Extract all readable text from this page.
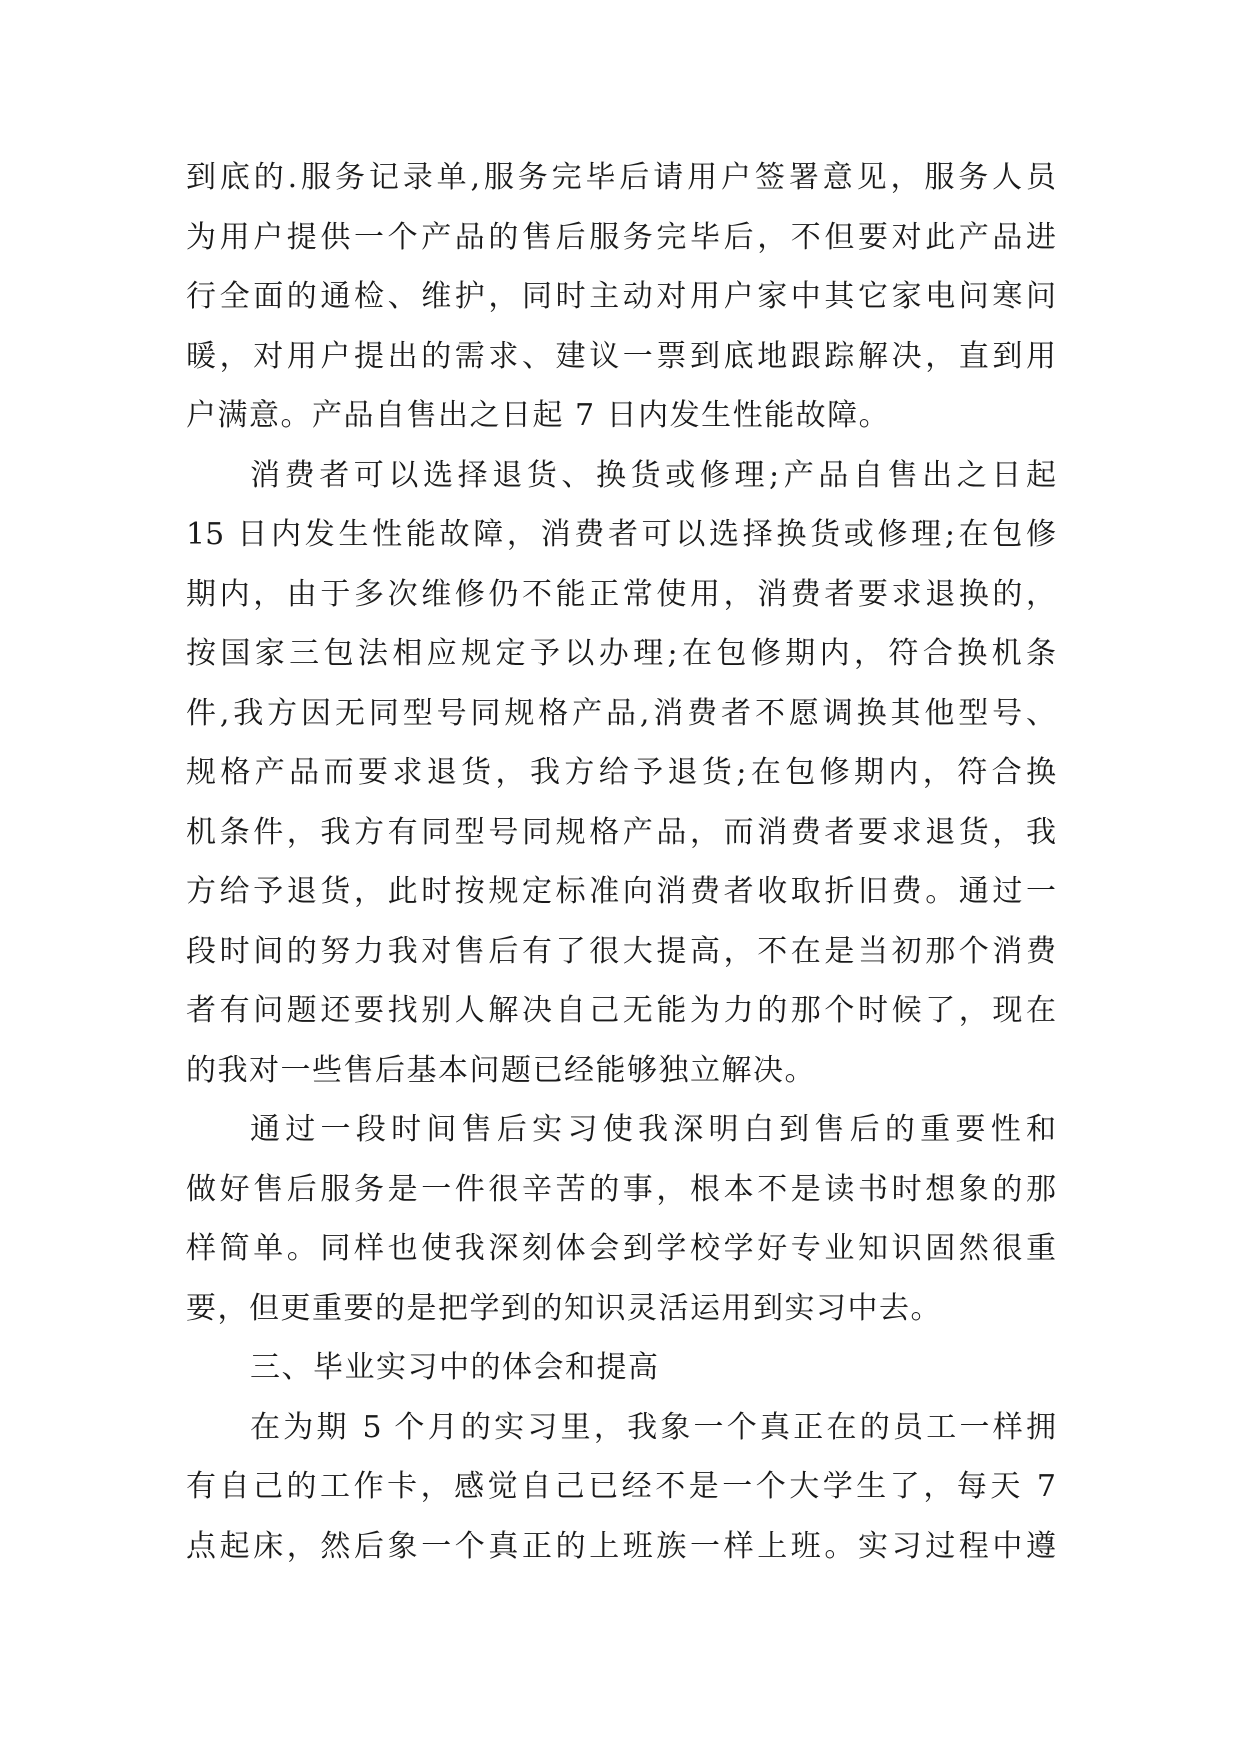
到底的.服务记录单,服务完毕后请用户签署意见，服务人员
为用户提供一个产品的售后服务完毕后，不但要对此产品进
行全面的通检、维护，同时主动对用户家中其它家电问寒问
暖，对用户提出的需求、建议一票到底地跟踪解决，直到用
户满意。产品自售出之日起 7 日内发生性能故障。
消费者可以选择退货、换货或修理;产品自售出之日起
15 日内发生性能故障，消费者可以选择换货或修理;在包修
期内，由于多次维修仍不能正常使用，消费者要求退换的，
按国家三包法相应规定予以办理;在包修期内，符合换机条
件,我方因无同型号同规格产品,消费者不愿调换其他型号、
规格产品而要求退货，我方给予退货;在包修期内，符合换
机条件，我方有同型号同规格产品，而消费者要求退货，我
方给予退货，此时按规定标准向消费者收取折旧费。通过一
段时间的努力我对售后有了很大提高，不在是当初那个消费
者有问题还要找别人解决自己无能为力的那个时候了，现在
的我对一些售后基本问题已经能够独立解决。
通过一段时间售后实习使我深明白到售后的重要性和
做好售后服务是一件很辛苦的事，根本不是读书时想象的那
样简单。同样也使我深刻体会到学校学好专业知识固然很重
要，但更重要的是把学到的知识灵活运用到实习中去。
三、毕业实习中的体会和提高
在为期 5 个月的实习里，我象一个真正在的员工一样拥
有自己的工作卡，感觉自己已经不是一个大学生了，每天 7
点起床，然后象一个真正的上班族一样上班。实习过程中遵
